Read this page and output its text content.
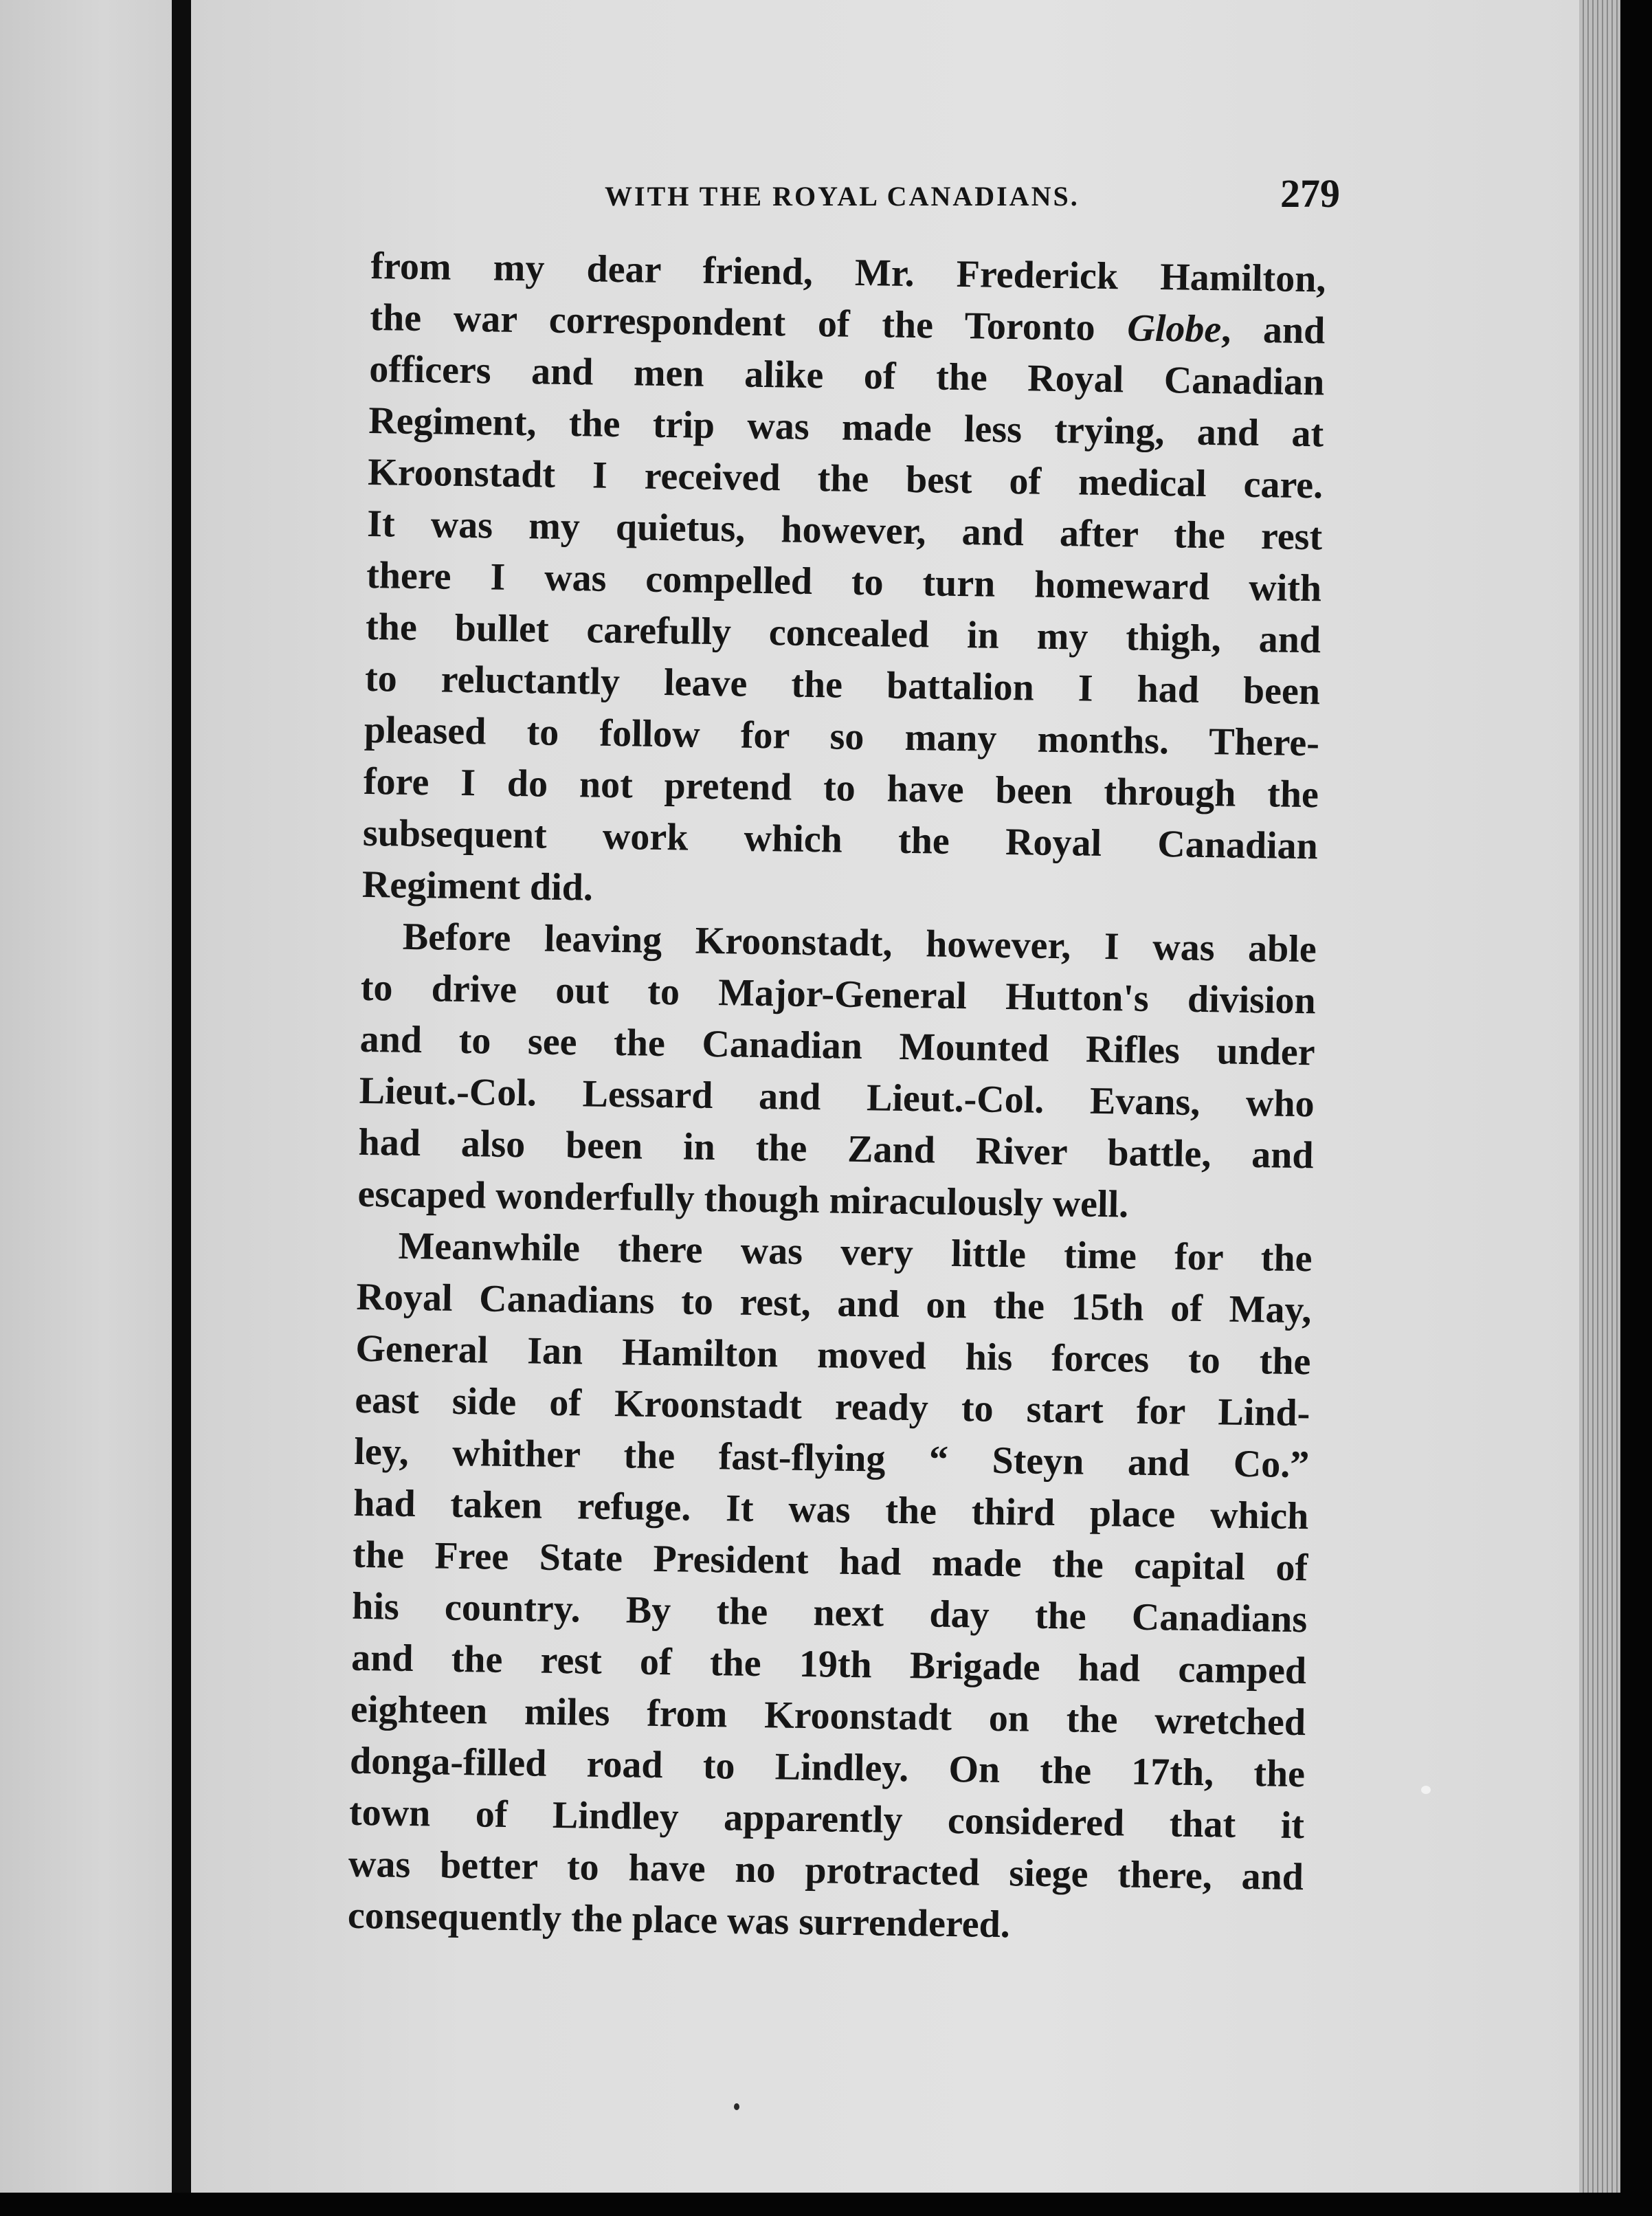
WITH THE ROYAL CANADIANS.	279
from my dear friend, Mr. Frederick Hamilton,
the war correspondent of the Toronto Globe, and
officers and men alike of the Royal Canadian
Regiment, the trip was made less trying, and at
Kroonstadt I received the best of medical care.
It was my quietus, however, and after the rest
there I was compelled to turn homeward with
the bullet carefully concealed in my thigh, and
to reluctantly leave the battalion I had been
pleased to follow for so many months. There-
fore I do not pretend to have been through the
subsequent work which the Royal Canadian
Regiment did.
Before leaving Kroonstadt, however, I was able
to drive out to Major-General Hutton's division
and to see the Canadian Mounted Rifles under
Lieut.-Col. Lessard and Lieut.-Col. Evans, who
had also been in the Zand River battle, and
escaped wonderfully though miraculously well.
Meanwhile there was very little time for the
Royal Canadians to rest, and on the 15th of May,
General Ian Hamilton moved his forces to the
east side of Kroonstadt ready to start for Lind-
ley, whither the fast-flying “ Steyn and Co.”
had taken refuge. It was the third place which
the Free State President had made the capital of
his country. By the next day the Canadians
and the rest of the 19th Brigade had camped
eighteen miles from Kroonstadt on the wretched
donga-filled road to Lindley. On the 17th, the
town of Lindley apparently considered that it
was better to have no protracted siege there, and
consequently the place was surrendered.
